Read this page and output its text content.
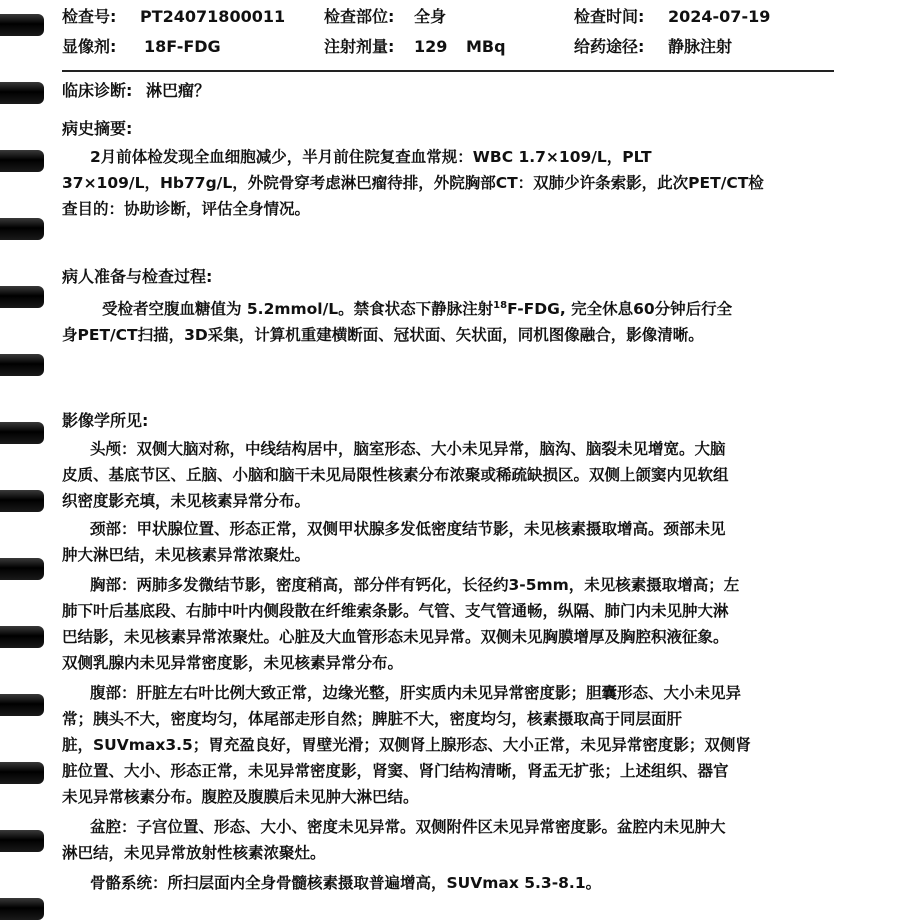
检查号: PT24071800011 检查部位: 全身	检查时间: 2024-07-19
显像剂: 18F-FDG	注射剂量: 129 MBq	给药途径: 静脉注射
临床诊断: 淋巴瘤？
病史摘要:
2月前体检发现全血细胞减少，半月前住院复查血常规：WBC 1.7×109/L，PLT
37×109/L，Hb77g/L，外院骨穿考虑淋巴瘤待排，外院胸部CT：双肺少许条索影，此次PET/CT检
查目的：协助诊断，评估全身情况。
病人准备与检查过程:
受检者空腹血糖值为 5.2mmol/L。禁食状态下静脉注射$^{18}$F-FDG, 完全休息60分钟后行全
身PET/CT扫描，3D采集，计算机重建横断面、冠状面、矢状面，同机图像融合，影像清晰。
影像学所见:
头颅：双侧大脑对称，中线结构居中，脑室形态、大小未见异常，脑沟、脑裂未见增宽。大脑
皮质、基底节区、丘脑、小脑和脑干未见局限性核素分布浓聚或稀疏缺损区。双侧上颌窦内见软组
织密度影充填，未见核素异常分布。
颈部：甲状腺位置、形态正常，双侧甲状腺多发低密度结节影，未见核素摄取增高。颈部未见
肿大淋巴结，未见核素异常浓聚灶。
胸部：两肺多发微结节影，密度稍高，部分伴有钙化，长径约3-5mm，未见核素摄取增高；左
肺下叶后基底段、右肺中叶内侧段散在纤维索条影。气管、支气管通畅，纵隔、肺门内未见肿大淋
巴结影，未见核素异常浓聚灶。心脏及大血管形态未见异常。双侧未见胸膜增厚及胸腔积液征象。
双侧乳腺内未见异常密度影，未见核素异常分布。
腹部：肝脏左右叶比例大致正常，边缘光整，肝实质内未见异常密度影；胆囊形态、大小未见异
常；胰头不大，密度均匀，体尾部走形自然；脾脏不大，密度均匀，核素摄取高于同层面肝
脏，SUVmax3.5；胃充盈良好，胃壁光滑；双侧肾上腺形态、大小正常，未见异常密度影；双侧肾
脏位置、大小、形态正常，未见异常密度影，肾窦、肾门结构清晰，肾盂无扩张；上述组织、器官
未见异常核素分布。腹腔及腹膜后未见肿大淋巴结。
盆腔：子宫位置、形态、大小、密度未见异常。双侧附件区未见异常密度影。盆腔内未见肿大
淋巴结，未见异常放射性核素浓聚灶。
骨骼系统：所扫层面内全身骨髓核素摄取普遍增高，SUVmax 5.3-8.1。
